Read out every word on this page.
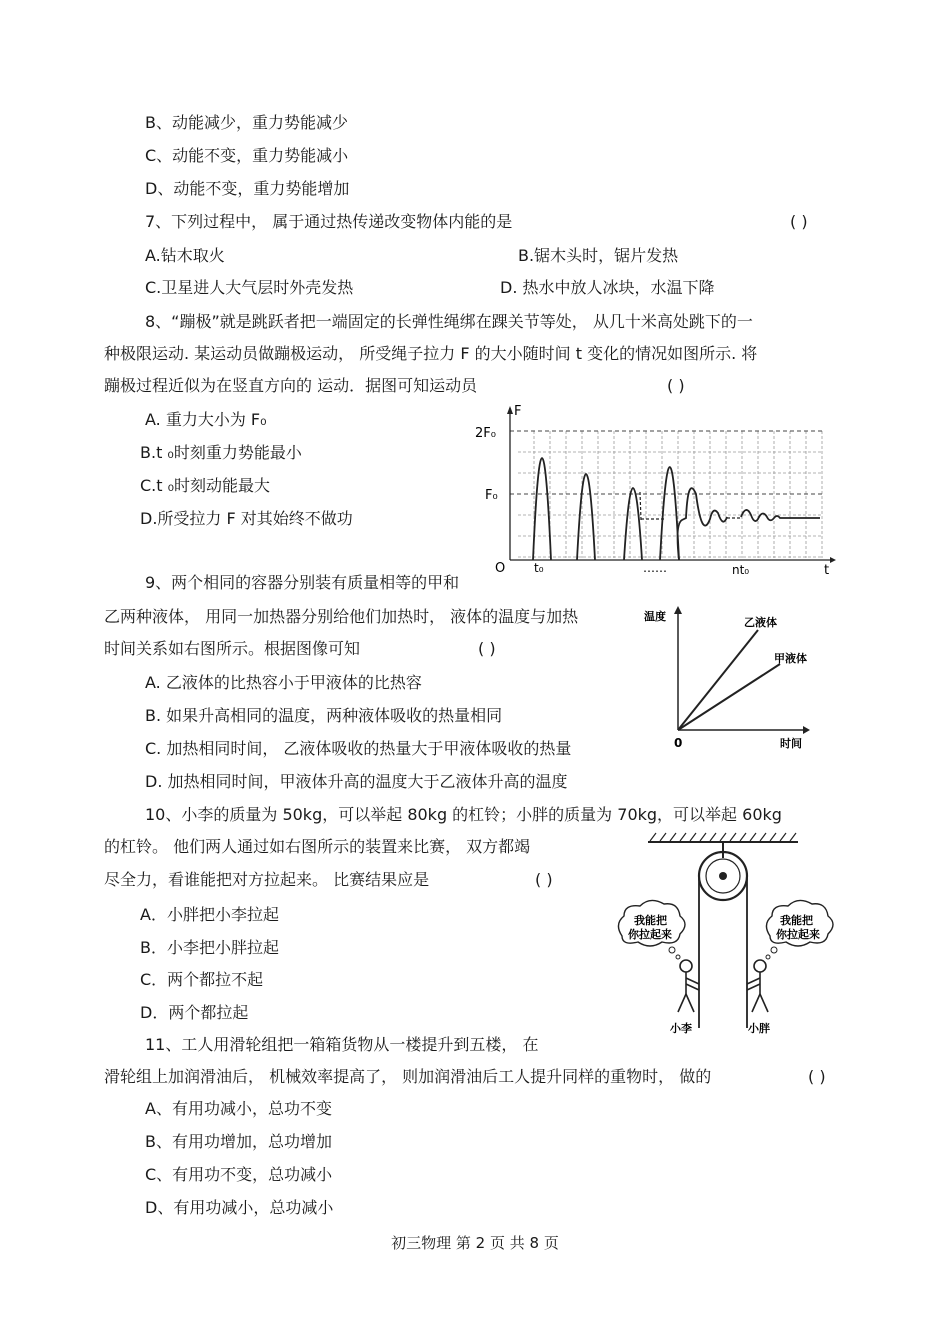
B、动能减少，重力势能减少
C、动能不变，重力势能减小
D、动能不变，重力势能增加
7、下列过程中， 属于通过热传递改变物体内能的是	( )
A.钻木取火	B.锯木头时，锯片发热
C.卫星进人大气层时外壳发热	D. 热水中放人冰块，水温下降
8、“蹦极”就是跳跃者把一端固定的长弹性绳绑在踝关节等处， 从几十米高处跳下的一
种极限运动. 某运动员做蹦极运动， 所受绳子拉力 F 的大小随时间 t 变化的情况如图所示. 将
蹦极过程近似为在竖直方向的 运动．据图可知运动员	( )
A. 重力大小为 F₀
B.t ₀时刻重力势能最小
C.t ₀时刻动能最大
D.所受拉力 F 对其始终不做功
F
t
O
2F₀
F₀
t₀	……	nt₀
9、两个相同的容器分别装有质量相等的甲和
乙两种液体， 用同一加热器分别给他们加热时， 液体的温度与加热
时间关系如右图所示。根据图像可知	( )
A. 乙液体的比热容小于甲液体的比热容
B. 如果升高相同的温度，两种液体吸收的热量相同
C. 加热相同时间， 乙液体吸收的热量大于甲液体吸收的热量
D. 加热相同时间，甲液体升高的温度大于乙液体升高的温度
温度
时间
0
乙液体
甲液体
10、小李的质量为 50kg，可以举起 80kg 的杠铃；小胖的质量为 70kg，可以举起 60kg
的杠铃。 他们两人通过如右图所示的装置来比赛， 双方都竭
尽全力，看谁能把对方拉起来。 比赛结果应是	( )
A．小胖把小李拉起
B．小李把小胖拉起
C．两个都拉不起
D．两个都拉起
我能把
你拉起来
我能把
你拉起来
小李	小胖
11、工人用滑轮组把一箱箱货物从一楼提升到五楼， 在
滑轮组上加润滑油后， 机械效率提高了， 则加润滑油后工人提升同样的重物时， 做的	( )
A、有用功减小，总功不变
B、有用功增加，总功增加
C、有用功不变，总功减小
D、有用功减小，总功减小
初三物理 第 2 页 共 8 页
